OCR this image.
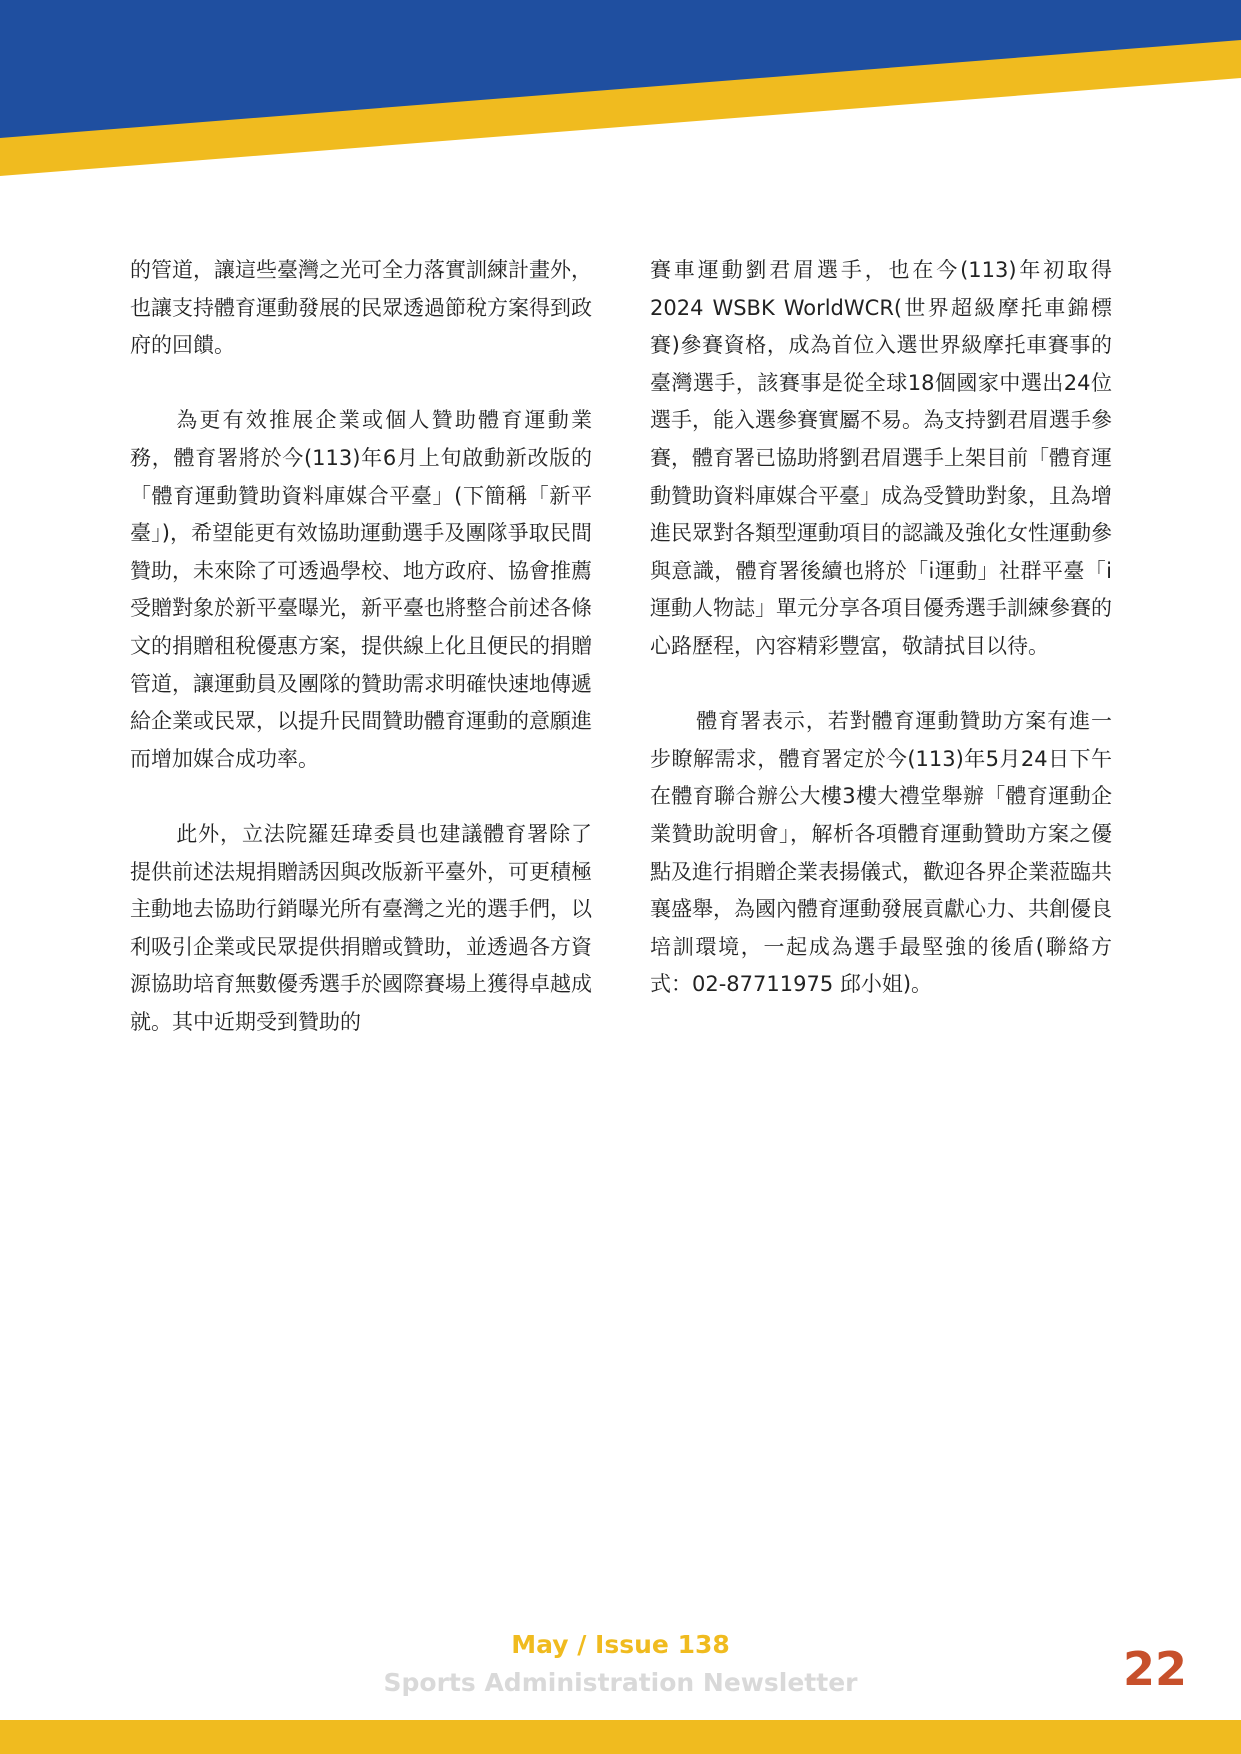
的管道，讓這些臺灣之光可全力落實訓練計畫外，也讓支持體育運動發展的民眾透過節稅方案得到政府的回饋。

為更有效推展企業或個人贊助體育運動業務，體育署將於今(113)年6月上旬啟動新改版的「體育運動贊助資料庫媒合平臺」(下簡稱「新平臺」)，希望能更有效協助運動選手及團隊爭取民間贊助，未來除了可透過學校、地方政府、協會推薦受贈對象於新平臺曝光，新平臺也將整合前述各條文的捐贈租稅優惠方案，提供線上化且便民的捐贈管道，讓運動員及團隊的贊助需求明確快速地傳遞給企業或民眾，以提升民間贊助體育運動的意願進而增加媒合成功率。

此外，立法院羅廷瑋委員也建議體育署除了提供前述法規捐贈誘因與改版新平臺外，可更積極主動地去協助行銷曝光所有臺灣之光的選手們，以利吸引企業或民眾提供捐贈或贊助，並透過各方資源協助培育無數優秀選手於國際賽場上獲得卓越成就。其中近期受到贊助的

賽車運動劉君眉選手，也在今(113)年初取得2024 WSBK WorldWCR(世界超級摩托車錦標賽)參賽資格，成為首位入選世界級摩托車賽事的臺灣選手，該賽事是從全球18個國家中選出24位選手，能入選參賽實屬不易。為支持劉君眉選手參賽，體育署已協助將劉君眉選手上架目前「體育運動贊助資料庫媒合平臺」成為受贊助對象，且為增進民眾對各類型運動項目的認識及強化女性運動參與意識，體育署後續也將於「i運動」社群平臺「i運動人物誌」單元分享各項目優秀選手訓練參賽的心路歷程，內容精彩豐富，敬請拭目以待。

體育署表示，若對體育運動贊助方案有進一步瞭解需求，體育署定於今(113)年5月24日下午在體育聯合辦公大樓3樓大禮堂舉辦「體育運動企業贊助說明會」，解析各項體育運動贊助方案之優點及進行捐贈企業表揚儀式，歡迎各界企業蒞臨共襄盛舉，為國內體育運動發展貢獻心力、共創優良培訓環境，一起成為選手最堅強的後盾(聯絡方式：02-87711975 邱小姐)。

May / Issue 138
Sports Administration Newsletter	22
